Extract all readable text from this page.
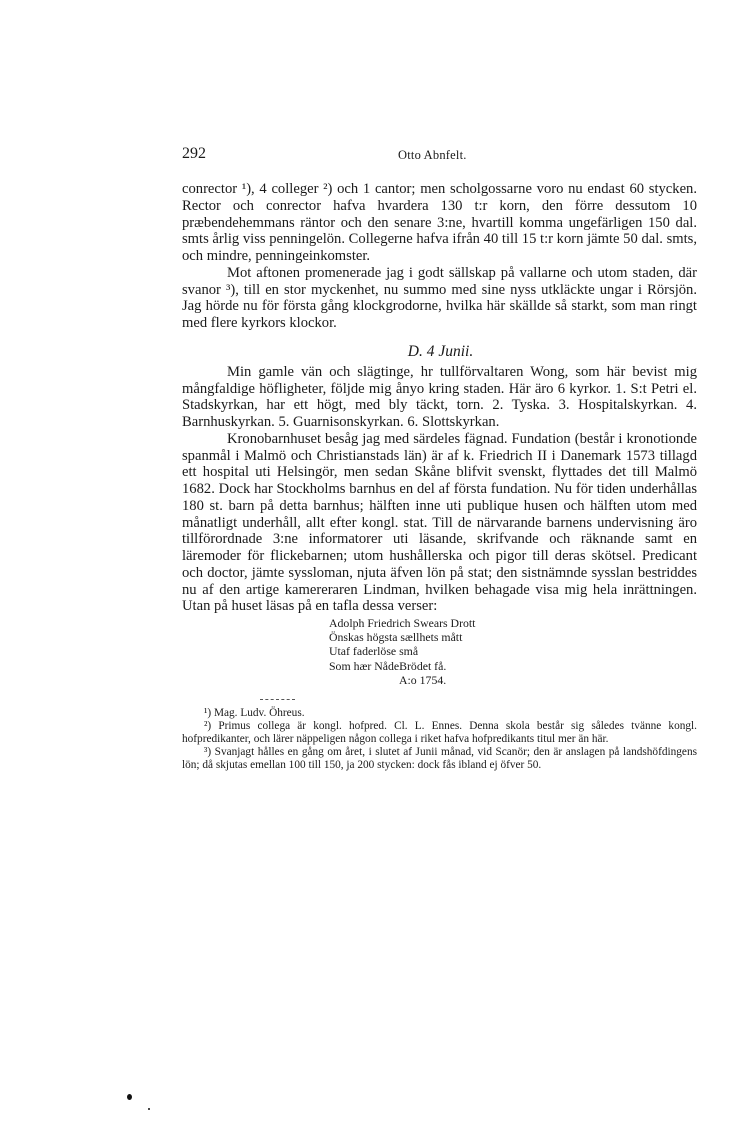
292	Otto Abnfelt.

conrector ¹), 4 colleger ²) och 1 cantor; men scholgossarne voro nu endast 60 stycken. Rector och conrector hafva hvardera 130 t:r korn, den förre dessutom 10 præbendehemmans räntor och den senare 3:ne, hvartill komma ungefärligen 150 dal. smts årlig viss penningelön. Collegerne hafva ifrån 40 till 15 t:r korn jämte 50 dal. smts, och mindre, penningeinkomster.

Mot aftonen promenerade jag i godt sällskap på vallarne och utom staden, där svanor ³), till en stor myckenhet, nu summo med sine nyss utkläckte ungar i Rörsjön. Jag hörde nu för första gång klockgrodorne, hvilka här skällde så starkt, som man ringt med flere kyrkors klockor.

D. 4 Junii.

Min gamle vän och slägtinge, hr tullförvaltaren Wong, som här bevist mig mångfaldige höfligheter, följde mig ånyo kring staden. Här äro 6 kyrkor. 1. S:t Petri el. Stadskyrkan, har ett högt, med bly täckt, torn. 2. Tyska. 3. Hospitalskyrkan. 4. Barnhuskyrkan. 5. Guarnisonskyrkan. 6. Slottskyrkan.

Kronobarnhuset besåg jag med särdeles fägnad. Fundation (består i kronotionde spanmål i Malmö och Christianstads län) är af k. Friedrich II i Danemark 1573 tillagd ett hospital uti Helsingör, men sedan Skåne blifvit svenskt, flyttades det till Malmö 1682. Dock har Stockholms barnhus en del af första fundation. Nu för tiden underhållas 180 st. barn på detta barnhus; hälften inne uti publique husen och hälften utom med månatligt underhåll, allt efter kongl. stat. Till de närvarande barnens undervisning äro tillförordnade 3:ne informatorer uti läsande, skrifvande och räknande samt en läremoder för flickebarnen; utom hushållerska och pigor till deras skötsel. Predicant och doctor, jämte syssloman, njuta äfven lön på stat; den sistnämnde sysslan bestriddes nu af den artige kamereraren Lindman, hvilken behagade visa mig hela inrättningen. Utan på huset läsas på en tafla dessa verser:

Adolph Friedrich Swears Drott
Önskas högsta sællhets mått
Utaf faderlöse små
Som hær NådeBrödet få.
A:o 1754.

¹) Mag. Ludv. Öhreus.

²) Primus collega är kongl. hofpred. Cl. L. Ennes. Denna skola består sig således tvänne kongl. hofpredikanter, och lärer näppeligen någon collega i riket hafva hofpredikants titul mer än här.

³) Svanjagt hålles en gång om året, i slutet af Junii månad, vid Scanör; den är anslagen på landshöfdingens lön; då skjutas emellan 100 till 150, ja 200 stycken: dock fås ibland ej öfver 50.
